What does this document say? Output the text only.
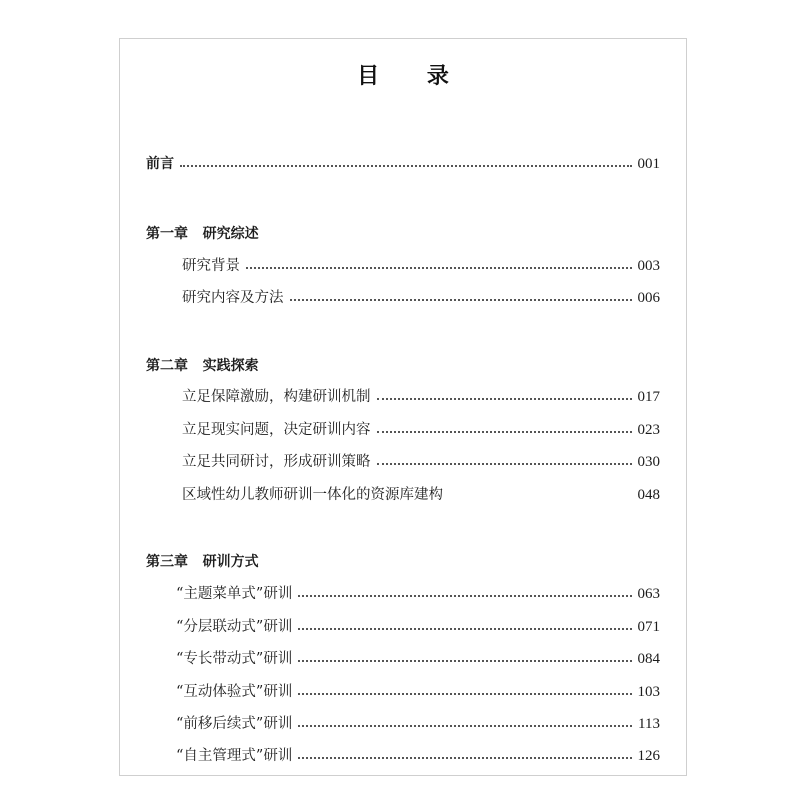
目 录
前言	001
第一章   研究综述
研究背景	003
研究内容及方法	006
第二章   实践探索
立足保障激励，构建研训机制	017
立足现实问题，决定研训内容	023
立足共同研讨，形成研训策略	030
区域性幼儿教师研训一体化的资源库建构	048
第三章   研训方式
“主题菜单式”研训	063
“分层联动式”研训	071
“专长带动式”研训	084
“互动体验式”研训	103
“前移后续式”研训	113
“自主管理式”研训	126
